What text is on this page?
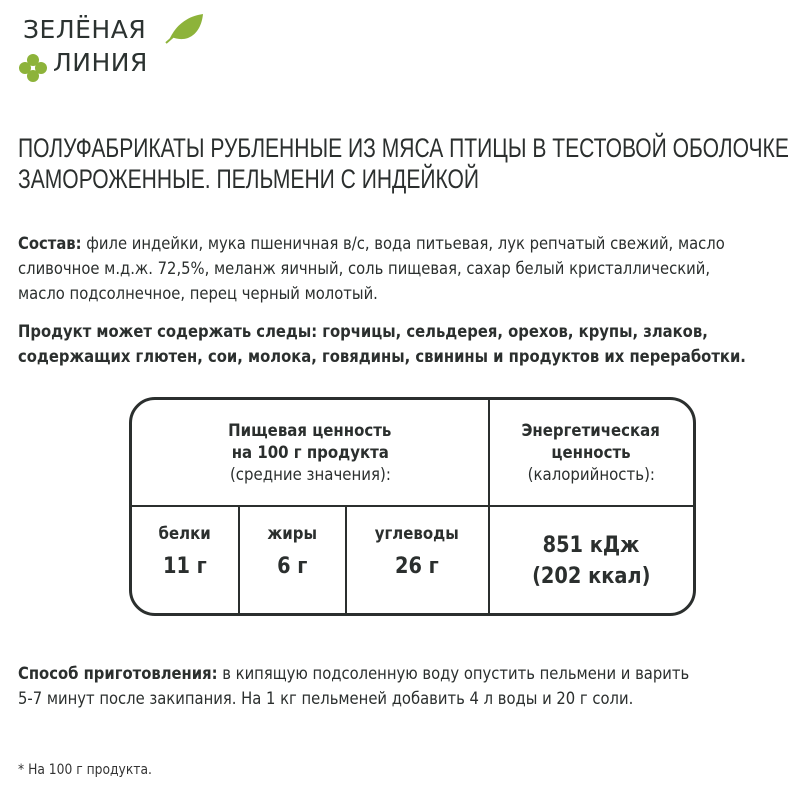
ЗЕЛЁНАЯ
ЛИНИЯ
ПОЛУФАБРИКАТЫ РУБЛЕННЫЕ ИЗ МЯСА ПТИЦЫ В ТЕСТОВОЙ ОБОЛОЧКЕ
ЗАМОРОЖЕННЫЕ. ПЕЛЬМЕНИ С ИНДЕЙКОЙ
Состав: филе индейки, мука пшеничная в/с, вода питьевая, лук репчатый свежий, масло
сливочное м.д.ж. 72,5%, меланж яичный, соль пищевая, сахар белый кристаллический,
масло подсолнечное, перец черный молотый.
Продукт может содержать следы: горчицы, сельдерея, орехов, крупы, злаков,
содержащих глютен, сои, молока, говядины, свинины и продуктов их переработки.
Пищевая ценность
на 100 г продукта
(средние значения):
Энергетическая
ценность
(калорийность):
белки
11 г
жиры
6 г
углеводы
26 г
851 кДж
(202 ккал)
Способ приготовления: в кипящую подсоленную воду опустить пельмени и варить
5-7 минут после закипания. На 1 кг пельменей добавить 4 л воды и 20 г соли.
* На 100 г продукта.
